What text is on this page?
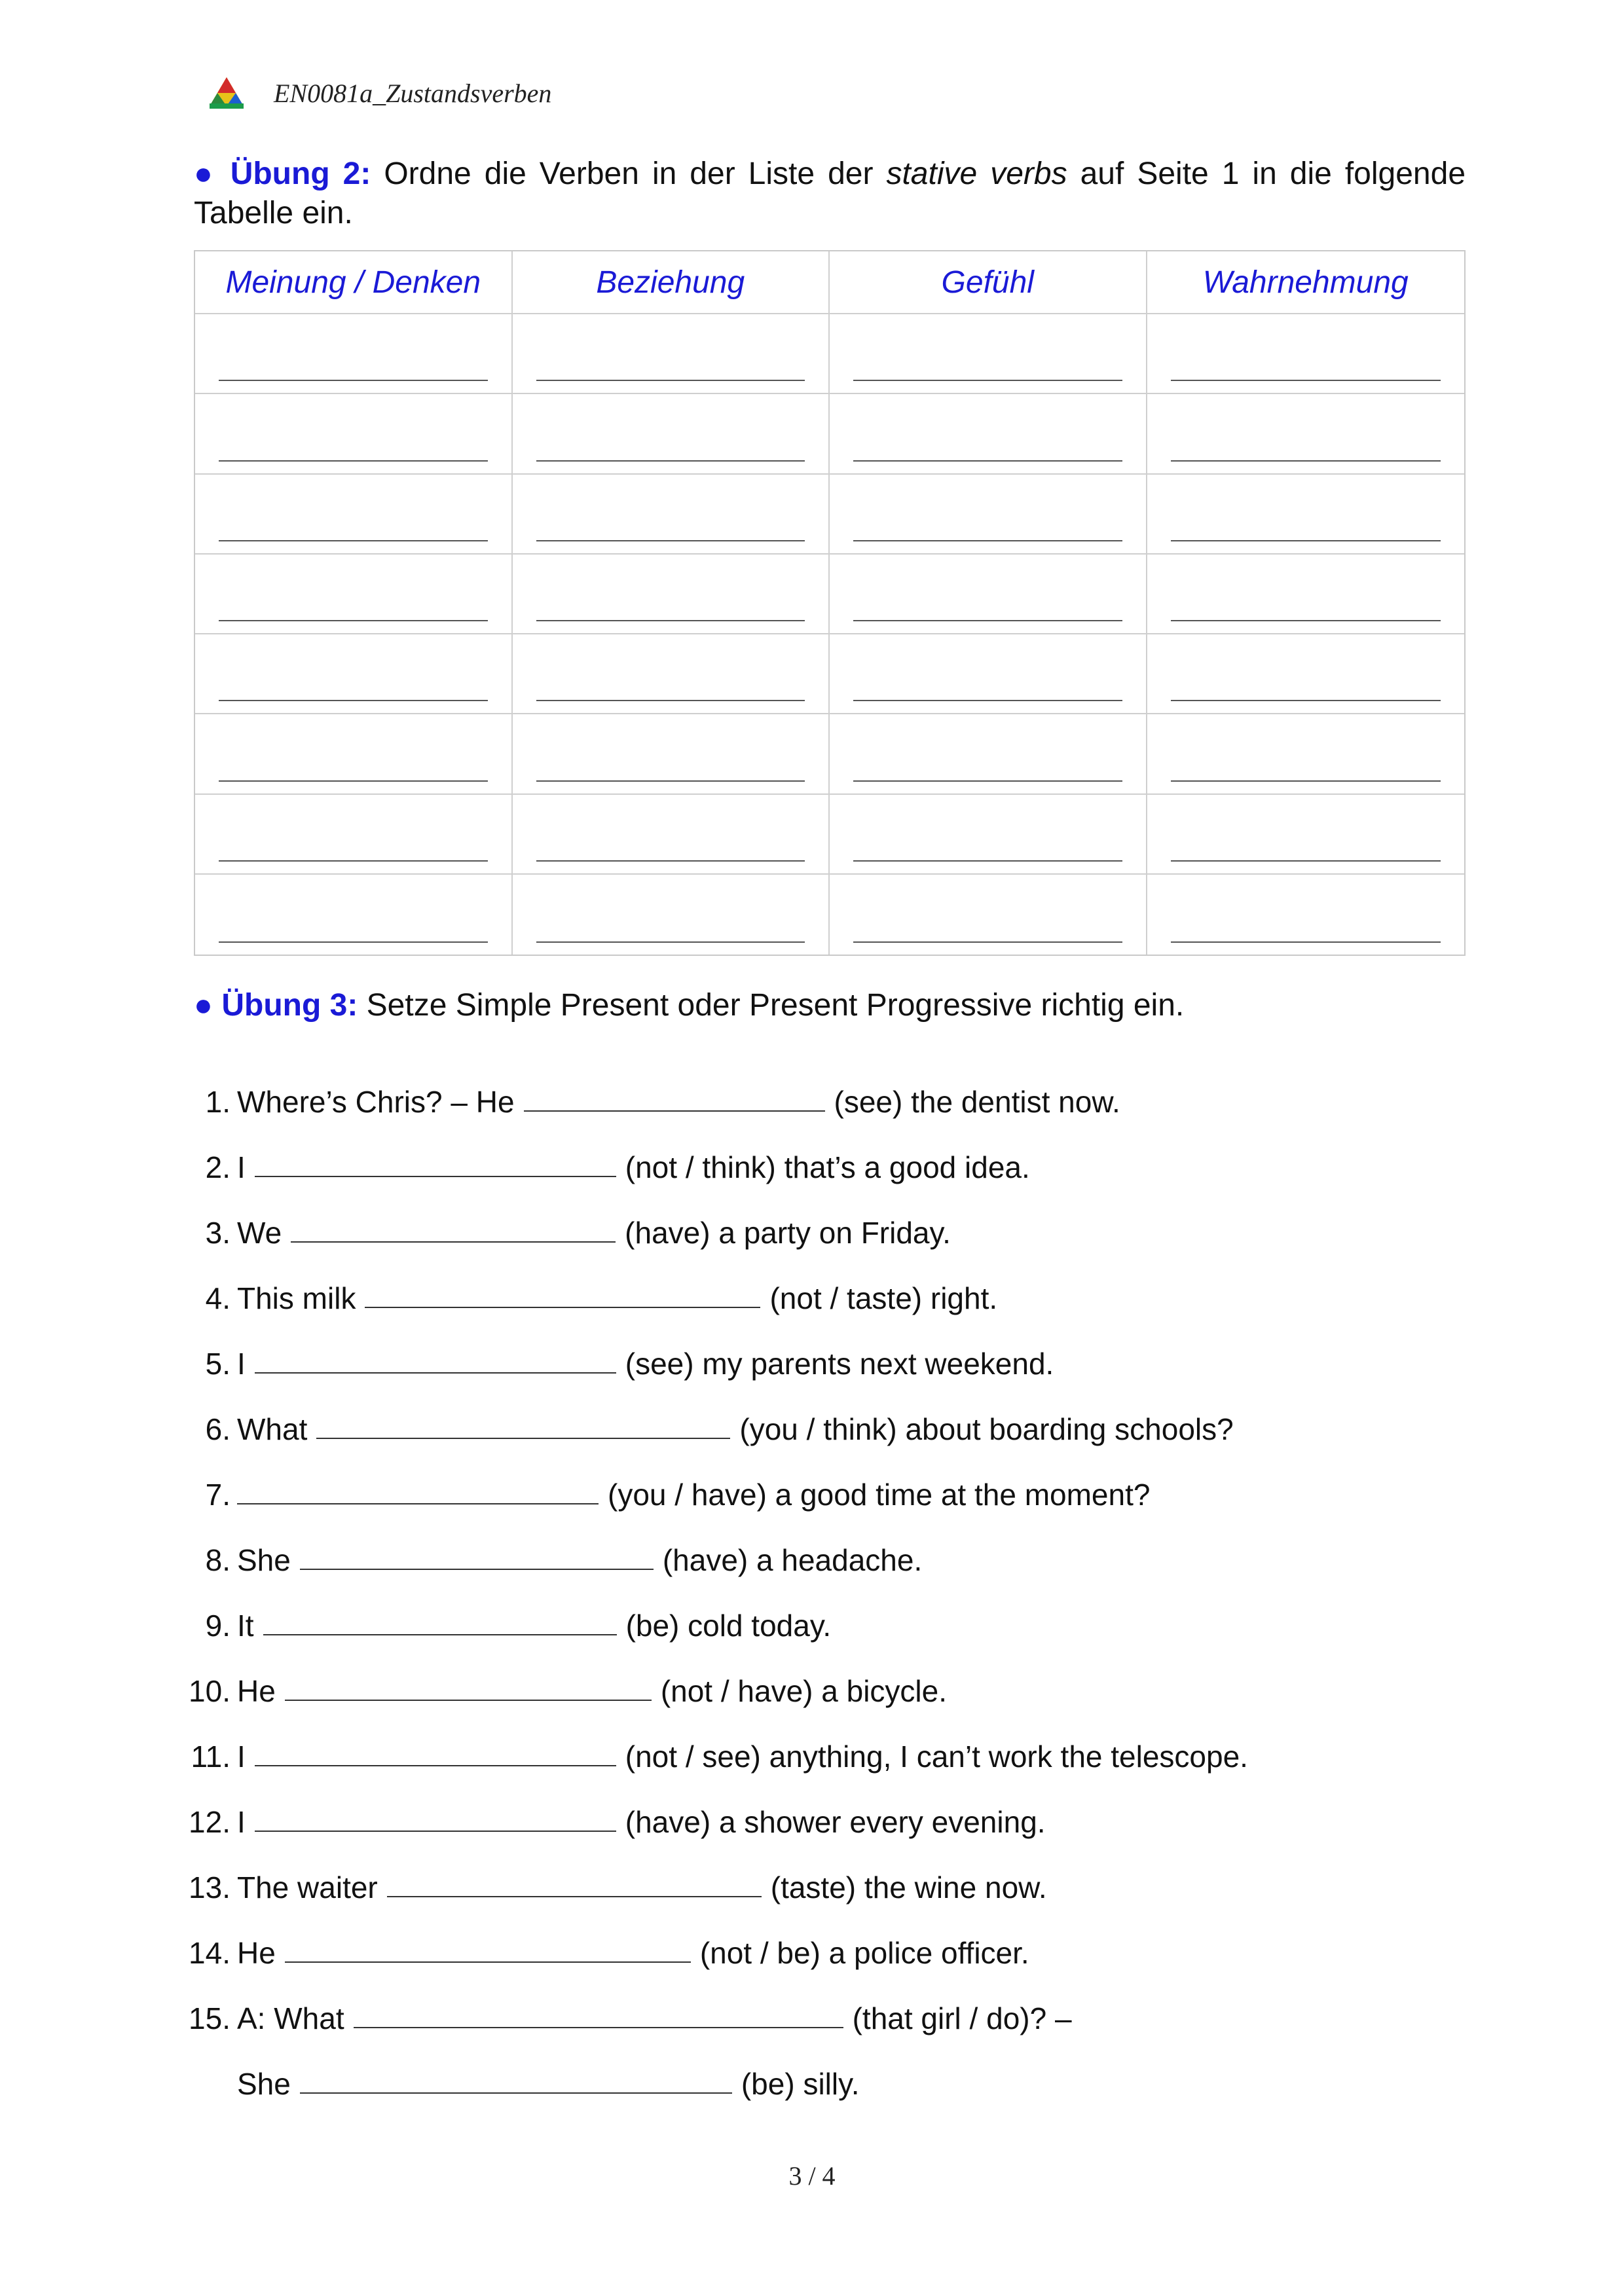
EN0081a_Zustandsverben
● Übung 2: Ordne die Verben in der Liste der stative verbs auf Seite 1 in die folgende Tabelle ein.
Meinung / Denken	Beziehung	Gefühl	Wahrnehmung
● Übung 3: Setze Simple Present oder Present Progressive richtig ein.
1. Where’s Chris? – He	(see) the dentist now.
2. I	(not / think) that’s a good idea.
3. We	(have) a party on Friday.
4. This milk	(not / taste) right.
5. I	(see) my parents next weekend.
6. What	(you / think) about boarding schools?
7.	(you / have) a good time at the moment?
8. She	(have) a headache.
9. It	(be) cold today.
10. He	(not / have) a bicycle.
11. I	(not / see) anything, I can’t work the telescope.
12. I	(have) a shower every evening.
13. The waiter	(taste) the wine now.
14. He	(not / be) a police officer.
15. A: What	(that girl / do)? –
She	(be) silly.
3 / 4
